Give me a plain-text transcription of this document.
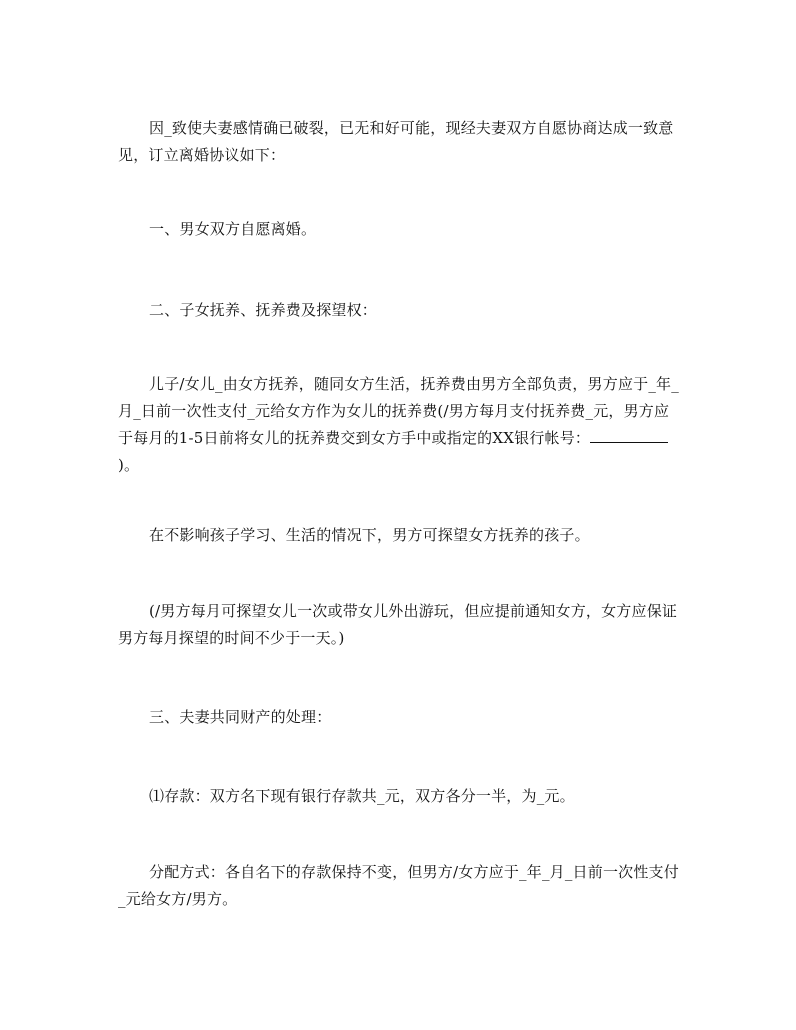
因_致使夫妻感情确已破裂，已无和好可能，现经夫妻双方自愿协商达成一致意见，订立离婚协议如下：
一、男女双方自愿离婚。
二、子女抚养、抚养费及探望权：
儿子/女儿_由女方抚养，随同女方生活，抚养费由男方全部负责，男方应于_年_月_日前一次性支付_元给女方作为女儿的抚养费(/男方每月支付抚养费_元，男方应于每月的1-5日前将女儿的抚养费交到女方手中或指定的XX银行帐号：)。
在不影响孩子学习、生活的情况下，男方可探望女方抚养的孩子。
(/男方每月可探望女儿一次或带女儿外出游玩，但应提前通知女方，女方应保证男方每月探望的时间不少于一天。)
三、夫妻共同财产的处理：
⑴存款：双方名下现有银行存款共_元，双方各分一半，为_元。
分配方式：各自名下的存款保持不变，但男方/女方应于_年_月_日前一次性支付_元给女方/男方。
